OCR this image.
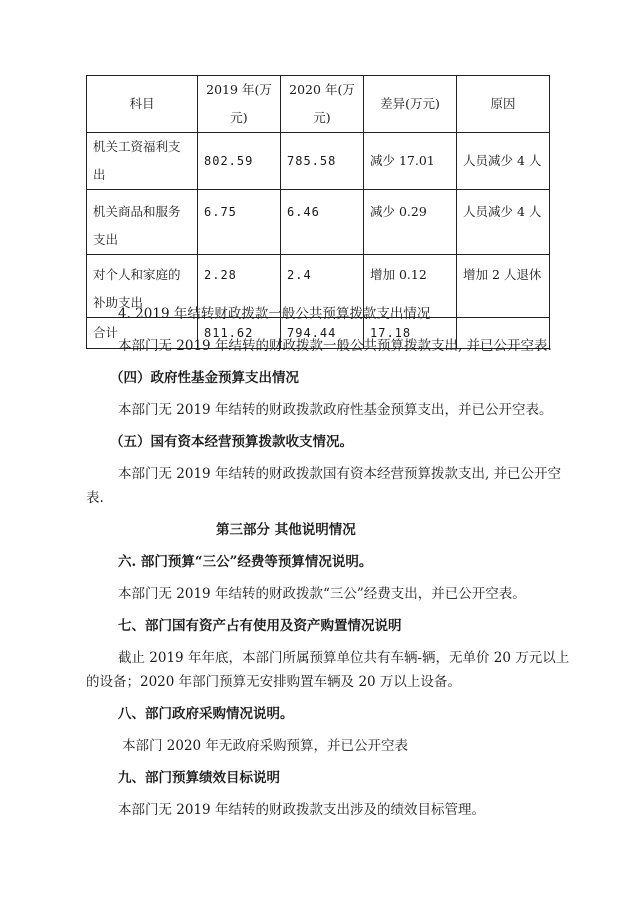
科目	2019 年(万元)	2020 年(万元)	差异(万元)	原因
机关工资福利支出	802.59	785.58	减少 17.01	人员减少 4 人
机关商品和服务支出	6.75	6.46	减少 0.29	人员减少 4 人
对个人和家庭的补助支出	2.28	2.4	增加 0.12	增加 2 人退休
合计	811.62	794.44	17.18	
4. 2019 年结转财政拨款一般公共预算拨款支出情况
本部门无 2019 年结转的财政拨款一般公共预算拨款支出, 并已公开空表.
（四）政府性基金预算支出情况
本部门无 2019 年结转的财政拨款政府性基金预算支出，并已公开空表。
（五）国有资本经营预算拨款收支情况。
本部门无 2019 年结转的财政拨款国有资本经营预算拨款支出, 并已公开空
表.
第三部分 其他说明情况
六. 部门预算“三公”经费等预算情况说明。
本部门无 2019 年结转的财政拨款“三公”经费支出，并已公开空表。
七、部门国有资产占有使用及资产购置情况说明
截止 2019 年年底，本部门所属预算单位共有车辆-辆，无单价 20 万元以上
的设备；2020 年部门预算无安排购置车辆及 20 万以上设备。
八、部门政府采购情况说明。
本部门 2020 年无政府采购预算，并已公开空表
九、部门预算绩效目标说明
本部门无 2019 年结转的财政拨款支出涉及的绩效目标管理。
